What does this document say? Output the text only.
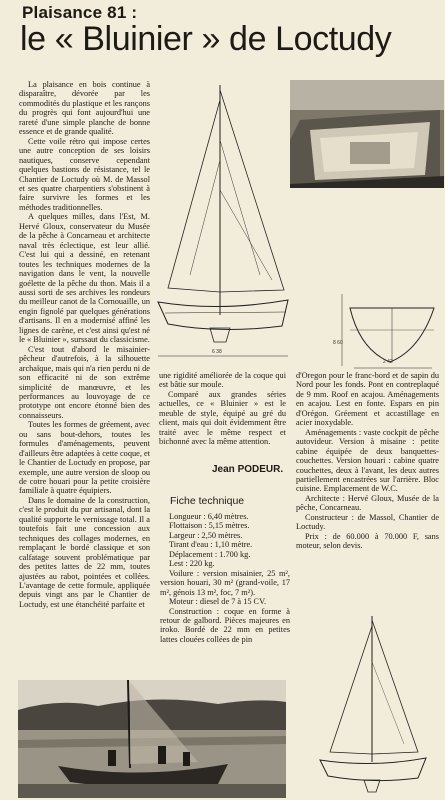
Plaisance 81 :
le « Bluinier » de Loctudy

La plaisance en bois continue à disparaître, dévorée par les commodités du plastique et les rançons du progrès qui font aujourd'hui une rareté d'une simple planche de bonne essence et de grande qualité.

Cette voile rétro qui impose certes une autre conception de ses loisirs nautiques, conserve cependant quelques bastions de résistance, tel le Chantier de Loctudy où M. de Massol et ses quatre charpentiers s'obstinent à faire survivre les formes et les méthodes traditionnelles.

A quelques milles, dans l'Est, M. Hervé Gloux, conservateur du Musée de la pêche à Concarneau et architecte naval très éclectique, est leur allié. C'est lui qui a dessiné, en retenant toutes les techniques modernes de la navigation dans le vent, la nouvelle goélette de la pêche du thon. Mais il a aussi sorti de ses archives les rondeurs du meilleur canot de la Cornouaille, un engin fignolé par quelques générations d'artisans. Il en a modernisé affiné les lignes de carène, et c'est ainsi qu'est né le « Bluinier », surssaut du classicisme.

C'est tout d'abord le misainier-pêcheur d'autrefois, à la silhouette archaïque, mais qui n'a rien perdu ni de son efficacité ni de son extrême simplicité de manœuvre, et les performances au louvoyage de ce prototype ont encore étonné bien des connaisseurs.

Toutes les formes de gréement, avec ou sans bout-dehors, toutes les formules d'aménagements, peuvent d'ailleurs être adaptées à cette coque, et le Chantier de Loctudy en propose, par exemple, une autre version de sloop ou de cotre houari pour la petite croisière familiale à quatre équipiers.

Dans le domaine de la construction, c'est le produit du pur artisanal, dont la qualité supporte le vernissage total. Il a toutefois fait une concession aux techniques des collages modernes, en remplaçant le bordé classique et son calfatage souvent problématique par des petites lattes de 22 mm, toutes ajustées au rabot, pointées et collées. L'avantage de cette formule, appliquée depuis vingt ans par le Chantier de Loctudy, est une étanchéité parfaite et

6 38
8 60
2 42

une rigidité améliorée de la coque qui est bâtie sur moule.

Comparé aux grandes séries actuelles, ce « Bluinier » est le meuble de style, équipé au gré du client, mais qui doit évidemment être traité avec le même respect et bichonné avec la même attention.

Jean PODEUR.
Fiche technique
Longueur : 6,40 mètres.
Flottaison : 5,15 mètres.
Largeur : 2,50 mètres.
Tirant d'eau : 1,10 mètre.
Déplacement : 1.700 kg.
Lest : 220 kg.
Voilure : version misainier, 25 m², version houari, 30 m² (grand-voile, 17 m², génois 13 m², foc, 7 m²).
Moteur : diesel de 7 à 15 CV.
Construction : coque en forme à retour de galbord. Pièces majeures en iroko. Bordé de 22 mm en petites lattes clouées collées de pin

d'Oregon pour le franc-bord et de sapin du Nord pour les fonds. Pont en contreplaqué de 9 mm. Roof en acajou. Aménagements en acajou. Lest en fonte. Espars en pin d'Orégon. Gréement et accastillage en acier inoxydable.

Aménagements : vaste cockpit de pêche autovideur. Version à misaine : petite cabine équipée de deux banquettes-couchettes. Version houari : cabine quatre couchettes, deux à l'avant, les deux autres partiellement encastrées sur l'arrière. Bloc cuisine. Emplacement de W.C.

Architecte : Hervé Gloux, Musée de la pêche, Concarneau.

Constructeur : de Massol, Chantier de Loctudy.

Prix : de 60.000 à 70.000 F, sans moteur, selon devis.
